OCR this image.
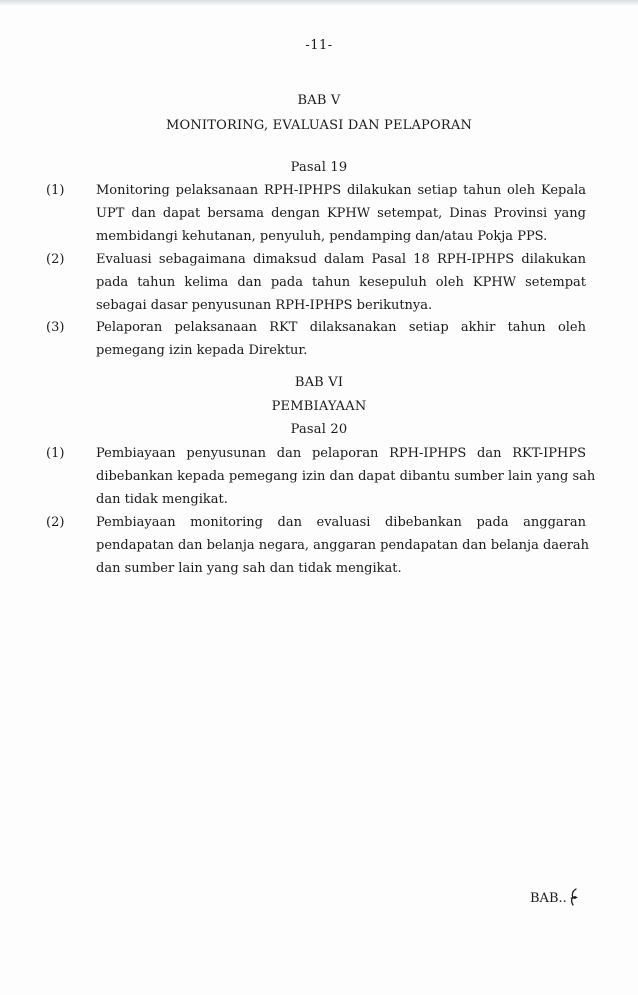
-11-
BAB V
MONITORING, EVALUASI DAN PELAPORAN
Pasal 19
(1)	Monitoring pelaksanaan RPH-IPHPS dilakukan setiap tahun oleh Kepala
UPT dan dapat bersama dengan KPHW setempat, Dinas Provinsi yang
membidangi kehutanan, penyuluh, pendamping dan/atau Pokja PPS.
(2)	Evaluasi sebagaimana dimaksud dalam Pasal 18 RPH-IPHPS dilakukan
pada tahun kelima dan pada tahun kesepuluh oleh KPHW setempat
sebagai dasar penyusunan RPH-IPHPS berikutnya.
(3)	Pelaporan pelaksanaan RKT dilaksanakan setiap akhir tahun oleh
pemegang izin kepada Direktur.
BAB VI
PEMBIAYAAN
Pasal 20
(1)	Pembiayaan penyusunan dan pelaporan RPH-IPHPS dan RKT-IPHPS
dibebankan kepada pemegang izin dan dapat dibantu sumber lain yang sah
dan tidak mengikat.
(2)	Pembiayaan monitoring dan evaluasi dibebankan pada anggaran
pendapatan dan belanja negara, anggaran pendapatan dan belanja daerah
dan sumber lain yang sah dan tidak mengikat.
BAB..
